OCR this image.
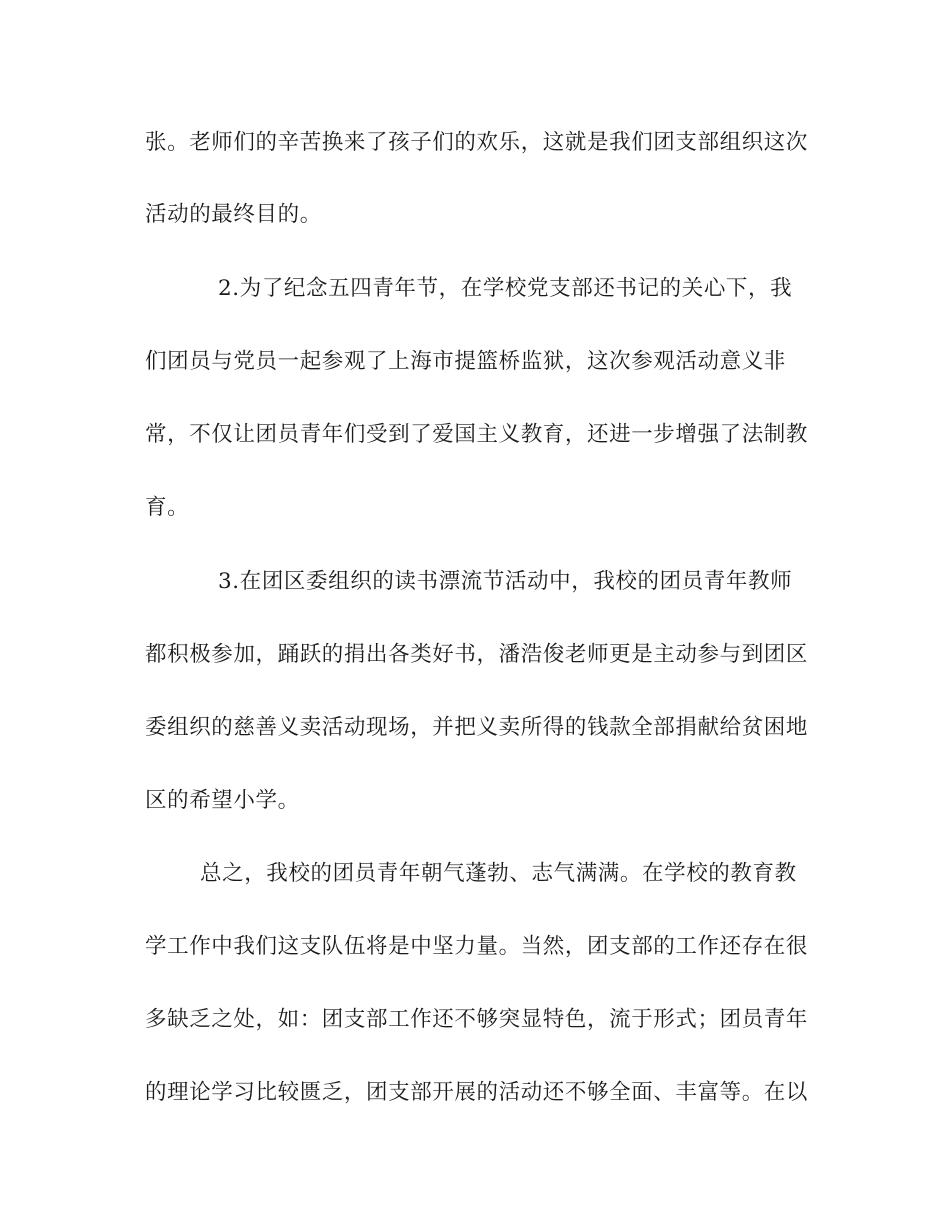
张。老师们的辛苦换来了孩子们的欢乐，这就是我们团支部组织这次
活动的最终目的。
2.为了纪念五四青年节，在学校党支部还书记的关心下，我
们团员与党员一起参观了上海市提篮桥监狱，这次参观活动意义非
常，不仅让团员青年们受到了爱国主义教育，还进一步增强了法制教
育。
3.在团区委组织的读书漂流节活动中，我校的团员青年教师
都积极参加，踊跃的捐出各类好书，潘浩俊老师更是主动参与到团区
委组织的慈善义卖活动现场，并把义卖所得的钱款全部捐献给贫困地
区的希望小学。
总之，我校的团员青年朝气蓬勃、志气满满。在学校的教育教
学工作中我们这支队伍将是中坚力量。当然，团支部的工作还存在很
多缺乏之处，如：团支部工作还不够突显特色，流于形式；团员青年
的理论学习比较匮乏，团支部开展的活动还不够全面、丰富等。在以
